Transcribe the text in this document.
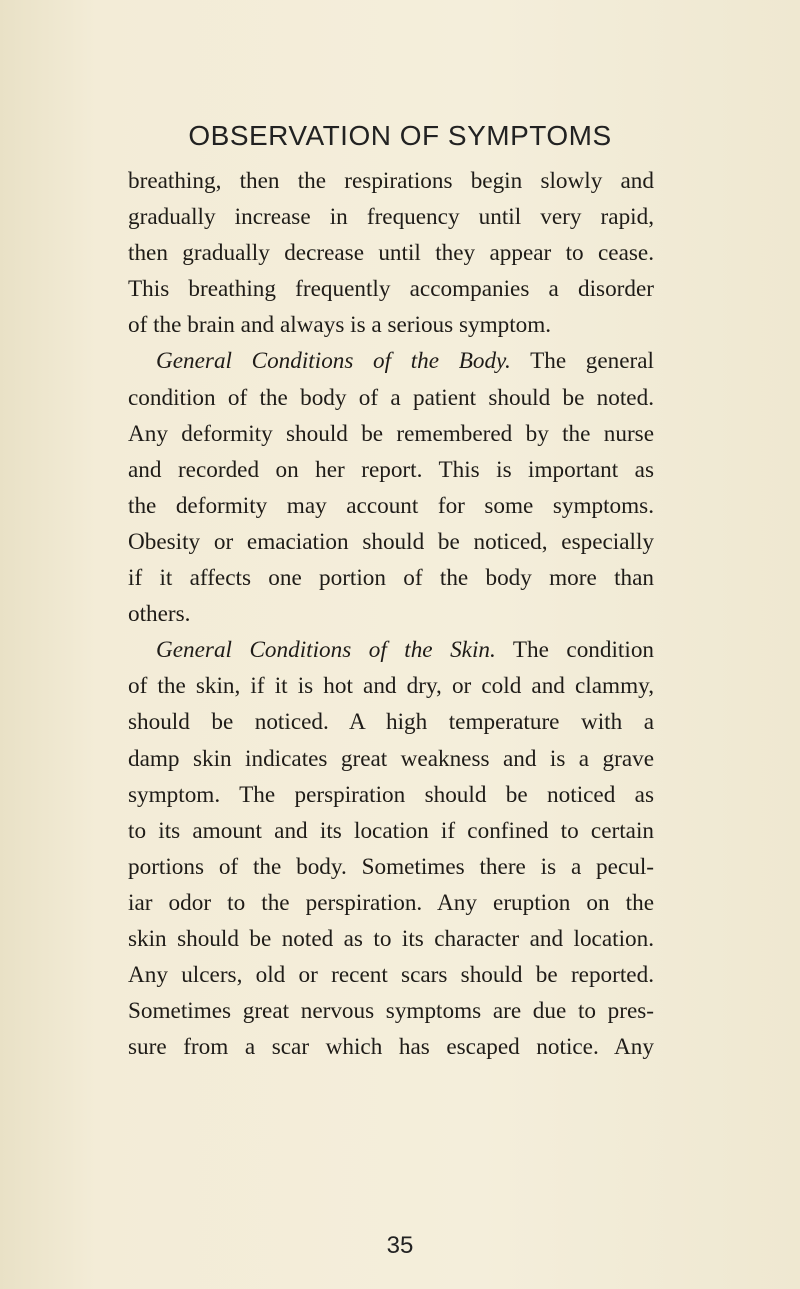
OBSERVATION OF SYMPTOMS
breathing, then the respirations begin slowly and
gradually increase in frequency until very rapid,
then gradually decrease until they appear to cease.
This breathing frequently accompanies a disorder
of the brain and always is a serious symptom.
General Conditions of the Body. The general
condition of the body of a patient should be noted.
Any deformity should be remembered by the nurse
and recorded on her report. This is important as
the deformity may account for some symptoms.
Obesity or emaciation should be noticed, especially
if it affects one portion of the body more than
others.
General Conditions of the Skin. The condition
of the skin, if it is hot and dry, or cold and clammy,
should be noticed. A high temperature with a
damp skin indicates great weakness and is a grave
symptom. The perspiration should be noticed as
to its amount and its location if confined to certain
portions of the body. Sometimes there is a pecul-
iar odor to the perspiration. Any eruption on the
skin should be noted as to its character and location.
Any ulcers, old or recent scars should be reported.
Sometimes great nervous symptoms are due to pres-
sure from a scar which has escaped notice. Any
35
